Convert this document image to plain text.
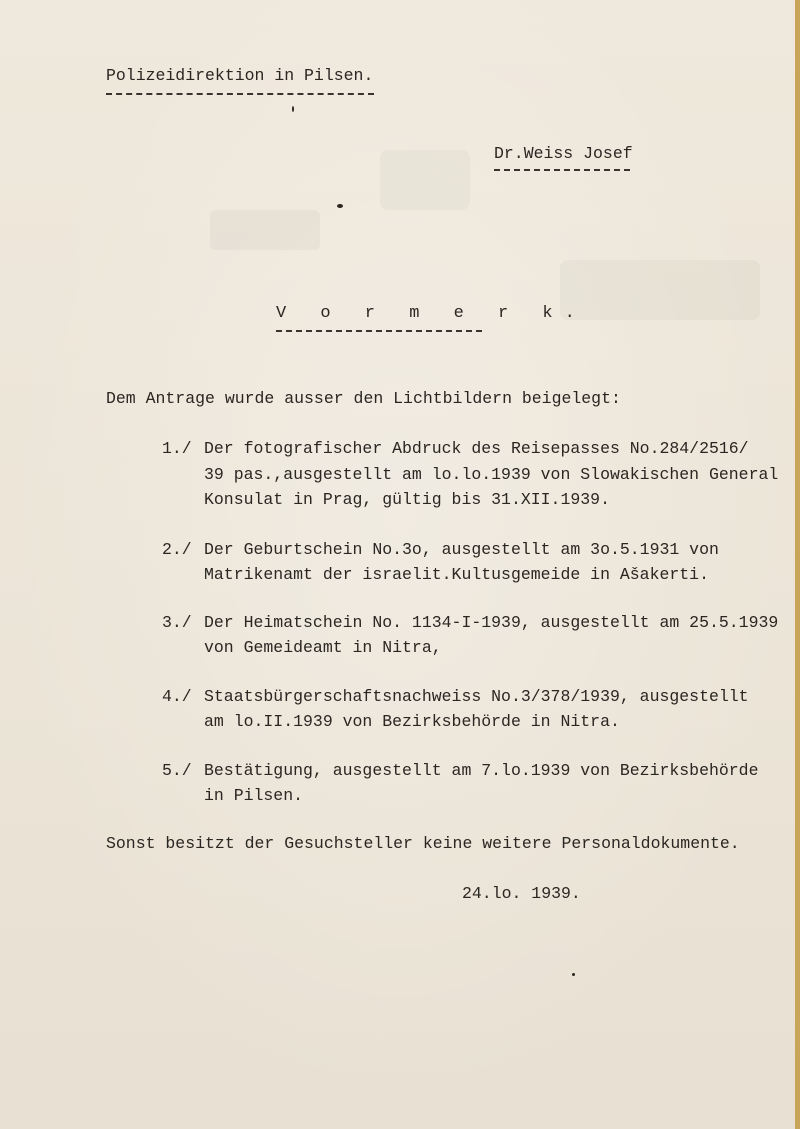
Polizeidirektion in Pilsen.
Dr.Weiss Josef
V o r m e r k.
Dem Antrage wurde ausser den Lichtbildern beigelegt:
1./ Der fotografischer Abdruck des Reisepasses No.284/2516/
39 pas.,ausgestellt am lo.lo.1939 von Slowakischen General
Konsulat in Prag, gültig bis 31.XII.1939.
2./ Der Geburtschein No.3o, ausgestellt am 3o.5.1931 von
Matrikenamt der israelit.Kultusgemeide in Ašakerti.
3./ Der Heimatschein No. 1134-I-1939, ausgestellt am 25.5.1939
von Gemeideamt in Nitra,
4./ Staatsbürgerschaftsnachweiss No.3/378/1939, ausgestellt
am lo.II.1939 von Bezirksbehörde in Nitra.
5./ Bestätigung, ausgestellt am 7.lo.1939 von Bezirksbehörde
in Pilsen.
Sonst besitzt der Gesuchsteller keine weitere Personaldokumente.
24.lo. 1939.
